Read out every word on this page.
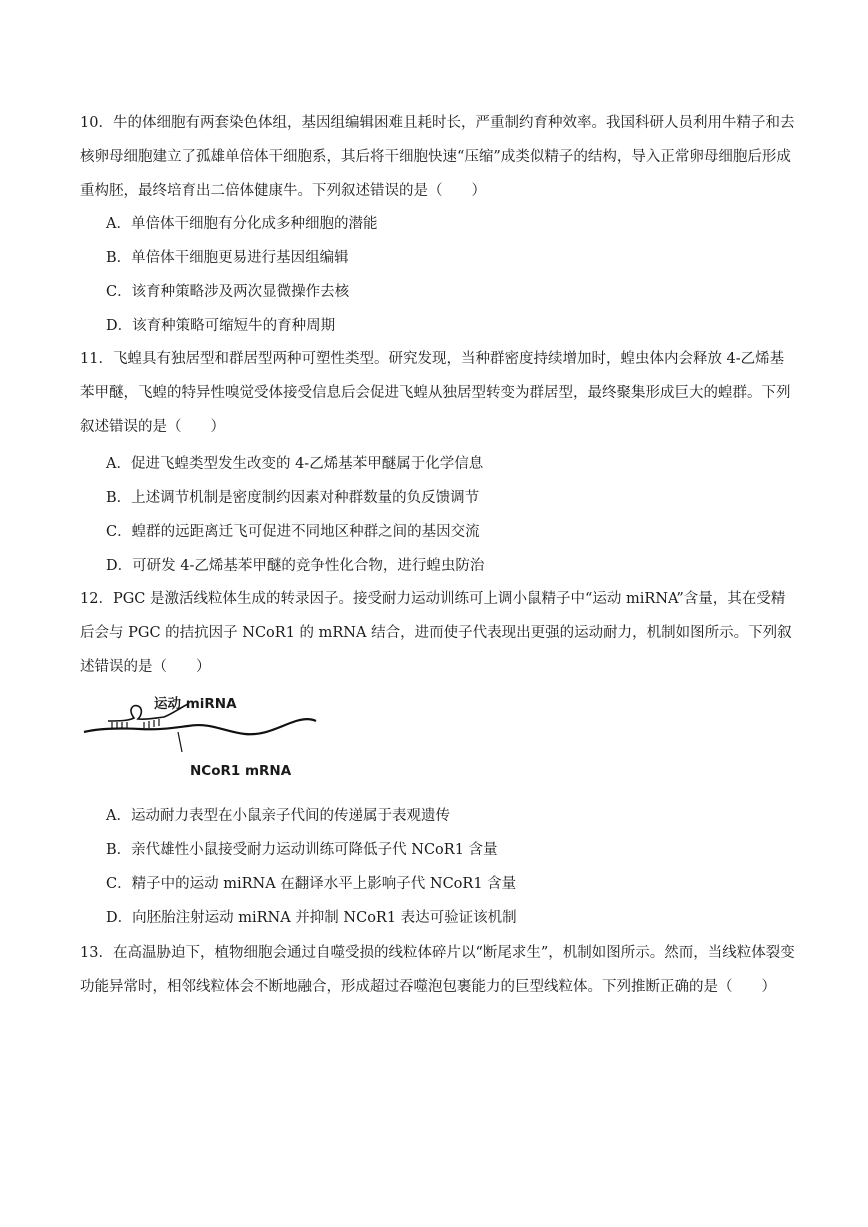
10．牛的体细胞有两套染色体组，基因组编辑困难且耗时长，严重制约育种效率。我国科研人员利用牛精子和去核卵母细胞建立了孤雄单倍体干细胞系，其后将干细胞快速“压缩”成类似精子的结构，导入正常卵母细胞后形成重构胚，最终培育出二倍体健康牛。下列叙述错误的是（　　）

A．单倍体干细胞有分化成多种细胞的潜能
B．单倍体干细胞更易进行基因组编辑
C．该育种策略涉及两次显微操作去核
D．该育种策略可缩短牛的育种周期

11．飞蝗具有独居型和群居型两种可塑性类型。研究发现，当种群密度持续增加时，蝗虫体内会释放 4-乙烯基苯甲醚，飞蝗的特异性嗅觉受体接受信息后会促进飞蝗从独居型转变为群居型，最终聚集形成巨大的蝗群。下列叙述错误的是（　　）

A．促进飞蝗类型发生改变的 4-乙烯基苯甲醚属于化学信息
B．上述调节机制是密度制约因素对种群数量的负反馈调节
C．蝗群的远距离迁飞可促进不同地区种群之间的基因交流
D．可研发 4-乙烯基苯甲醚的竞争性化合物，进行蝗虫防治

12．PGC 是激活线粒体生成的转录因子。接受耐力运动训练可上调小鼠精子中“运动 miRNA”含量，其在受精后会与 PGC 的拮抗因子 NCoR1 的 mRNA 结合，进而使子代表现出更强的运动耐力，机制如图所示。下列叙述错误的是（　　）

运动 miRNA
NCoR1 mRNA
A．运动耐力表型在小鼠亲子代间的传递属于表观遗传
B．亲代雄性小鼠接受耐力运动训练可降低子代 NCoR1 含量
C．精子中的运动 miRNA 在翻译水平上影响子代 NCoR1 含量
D．向胚胎注射运动 miRNA 并抑制 NCoR1 表达可验证该机制

13．在高温胁迫下，植物细胞会通过自噬受损的线粒体碎片以“断尾求生”，机制如图所示。然而，当线粒体裂变功能异常时，相邻线粒体会不断地融合，形成超过吞噬泡包裹能力的巨型线粒体。下列推断正确的是（　　）
